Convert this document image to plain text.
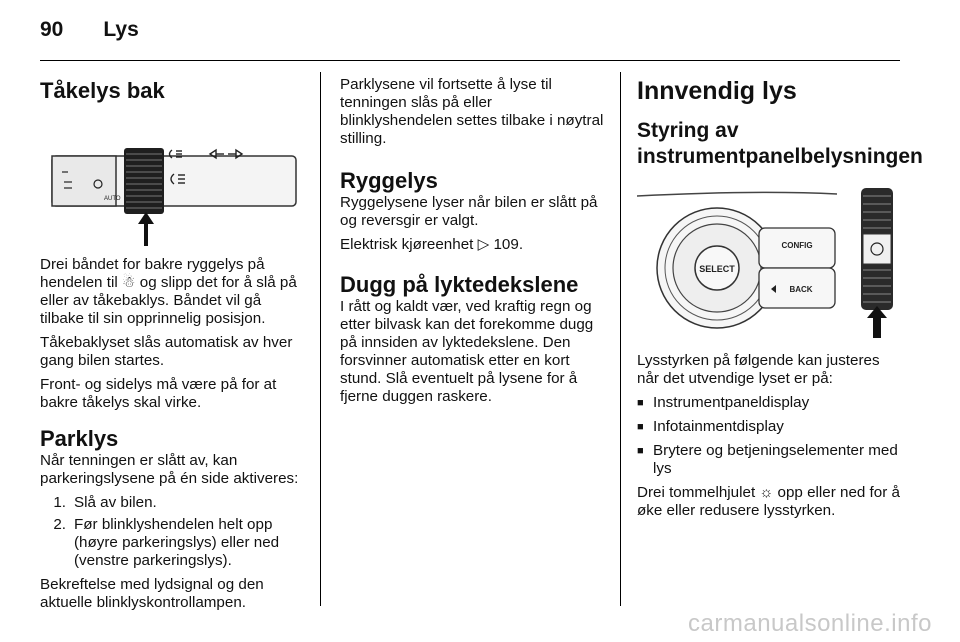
90 Lys
Tåkelys bak
AUTO

Drei båndet for bakre ryggelys på hendelen til ☃ og slipp det for å slå på eller av tåkebaklys. Båndet vil gå tilbake til sin opprinnelig posisjon.

Tåkebaklyset slås automatisk av hver gang bilen startes.

Front- og sidelys må være på for at bakre tåkelys skal virke.

Parklys

Når tenningen er slått av, kan parkeringslysene på én side aktiveres:

1. Slå av bilen.
2. Før blinklyshendelen helt opp (høyre parkeringslys) eller ned (venstre parkeringslys).

Bekreftelse med lydsignal og den aktuelle blinklyskontrollampen.

Parklysene vil fortsette å lyse til tenningen slås på eller blinklyshendelen settes tilbake i nøytral stilling.

Ryggelys

Ryggelysene lyser når bilen er slått på og reversgir er valgt.

Elektrisk kjøreenhet ▷ 109.

Dugg på lyktedekslene

I rått og kaldt vær, ved kraftig regn og etter bilvask kan det forekomme dugg på innsiden av lyktedekslene. Den forsvinner automatisk etter en kort stund. Slå eventuelt på lysene for å fjerne duggen raskere.

Innvendig lys
Styring av instrumentpanelbelysningen
SELECT
CONFIG
BACK

Lysstyrken på følgende kan justeres når det utvendige lyset er på:

■ Instrumentpaneldisplay
■ Infotainmentdisplay
■ Brytere og betjeningselementer med lys

Drei tommelhjulet ☼ opp eller ned for å øke eller redusere lysstyrken.

carmanualsonline.info
